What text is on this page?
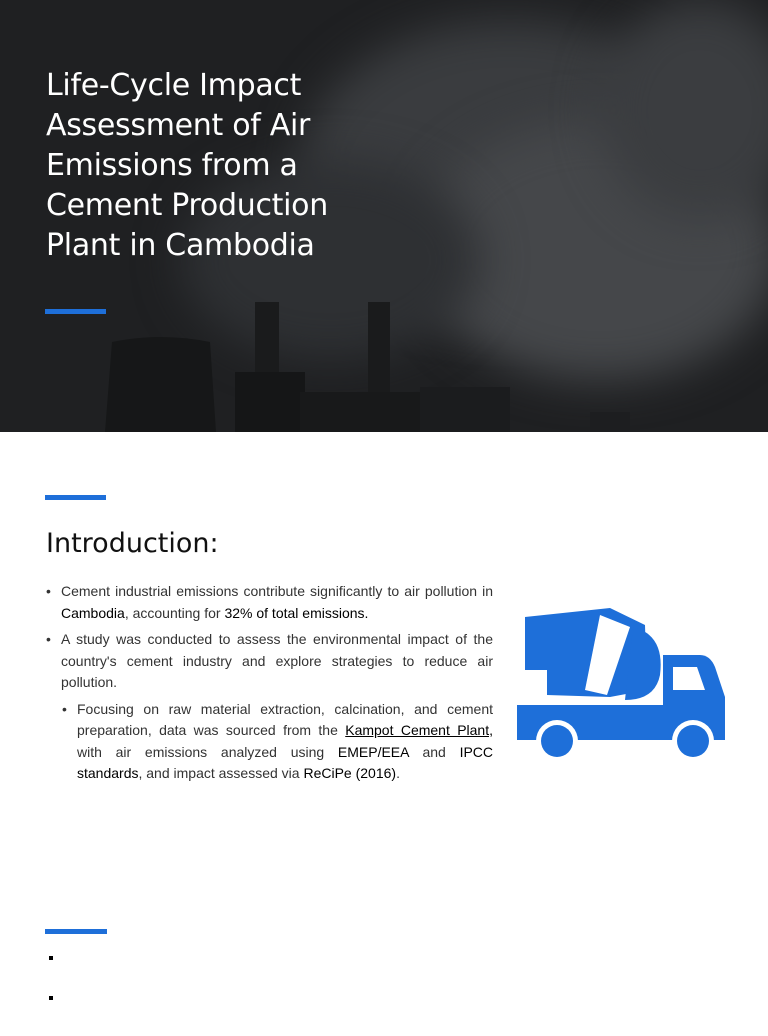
Life-Cycle Impact Assessment of Air Emissions from a Cement Production Plant in Cambodia
Introduction:
• Cement industrial emissions contribute significantly to air pollution in Cambodia, accounting for 32% of total emissions.
• A study was conducted to assess the environmental impact of the country's cement industry and explore strategies to reduce air pollution.
• Focusing on raw material extraction, calcination, and cement preparation, data was sourced from the Kampot Cement Plant, with air emissions analyzed using EMEP/EEA and IPCC standards, and impact assessed via ReCiPe (2016).
